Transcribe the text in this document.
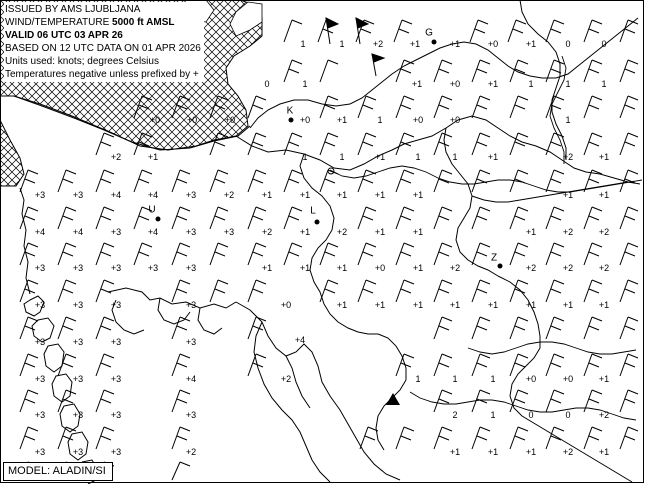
ISSUED BY AMS LJUBLJANA
WIND/TEMPERATURE 5000 ft AMSL
VALID 06 UTC 03 APR 26
BASED ON 12 UTC DATA ON 01 APR 2026
Units used: knots; degrees Celsius
Temperatures negative unless prefixed by +
MODEL: ALADIN/SI
G
K
U	L
Z
1	1	+2	+1	+1	+0	+1	0	0
0	1	+1	+0	+1	1	1	1
+0	+0	+0	+0	+1	1	+0	+0	1
+2	+1	1	1	+1	1	1	+1	+2	+1
+3	+3	+4	+4	+3	+2	+1	+1	+1	+1	+1	+1	+1
+4	+4	+3	+4	+3	+3	+2	+1	+2	+1	+1	+1	+2	+2
+3	+3	+3	+3	+3	+1	+1	+1	+0	+1	+2	+2	+2	+2
+3	+3	+3	+3	+0	+1	+1	+1	+1	+1	+1	+1	+1
+3	+3	+3	+3	+4
+3	+3	+3	+4	+2	1	1	1	+0	+0	+1
+3	+3	+3	+3	2	1	0	0	+2
+3	+3	+3	+2	+1	+1	+1	+2	+1
